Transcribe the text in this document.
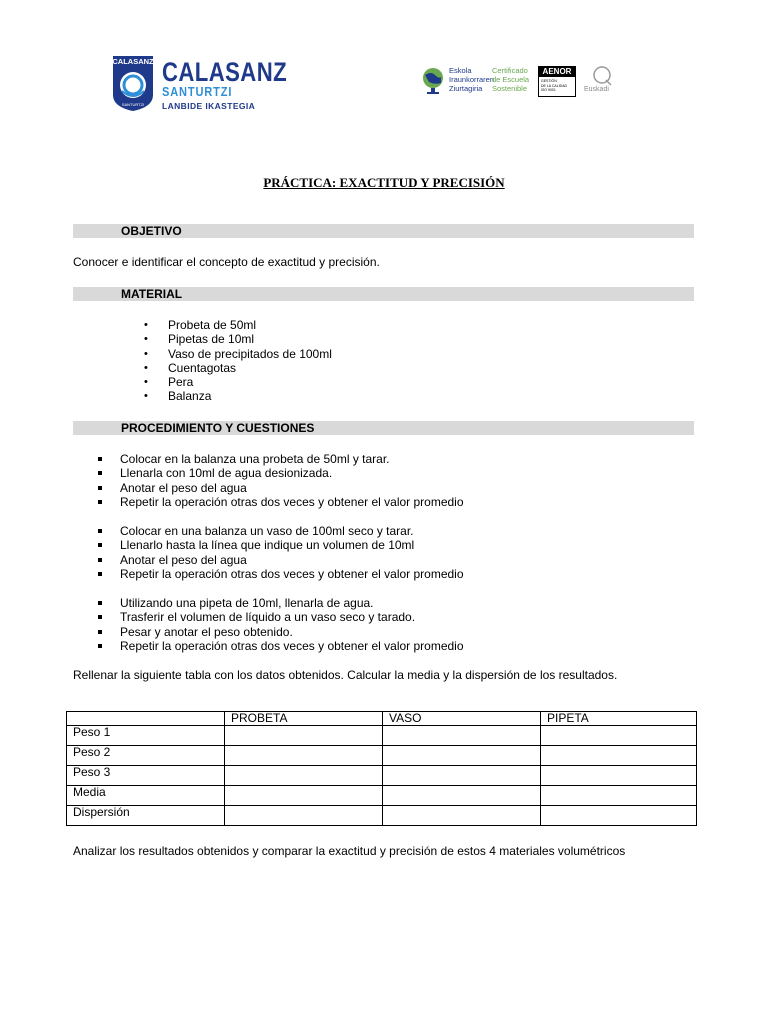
CALASANZ
SANTURTZI
CALASANZ
SANTURTZI
LANBIDE IKASTEGIA
Eskola
Iraunkorraren
Ziurtagiria
Certificado
de Escuela
Sostenible
AENOR
GESTIÓN
DE LA CALIDAD
ISO 9001	Euskadi
PRÁCTICA: EXACTITUD Y PRECISIÓN
OBJETIVO
Conocer e identificar el concepto de exactitud y precisión.
MATERIAL
• Probeta de 50ml
• Pipetas de 10ml
• Vaso de precipitados de 100ml
• Cuentagotas
• Pera
• Balanza
PROCEDIMIENTO Y CUESTIONES
Colocar en la balanza una probeta de 50ml y tarar.
Llenarla con 10ml de agua desionizada.
Anotar el peso del agua
Repetir la operación otras dos veces y obtener el valor promedio
Colocar en una balanza un vaso de 100ml seco y tarar.
Llenarlo hasta la línea que indique un volumen de 10ml
Anotar el peso del agua
Repetir la operación otras dos veces y obtener el valor promedio
Utilizando una pipeta de 10ml, llenarla de agua.
Trasferir el volumen de líquido a un vaso seco y tarado.
Pesar y anotar el peso obtenido.
Repetir la operación otras dos veces y obtener el valor promedio
Rellenar la siguiente tabla con los datos obtenidos. Calcular la media y la dispersión de los resultados.
	PROBETA	VASO	PIPETA
Peso 1			
Peso 2			
Peso 3			
Media			
Dispersión			
Analizar los resultados obtenidos y comparar la exactitud y precisión de estos 4 materiales volumétricos
